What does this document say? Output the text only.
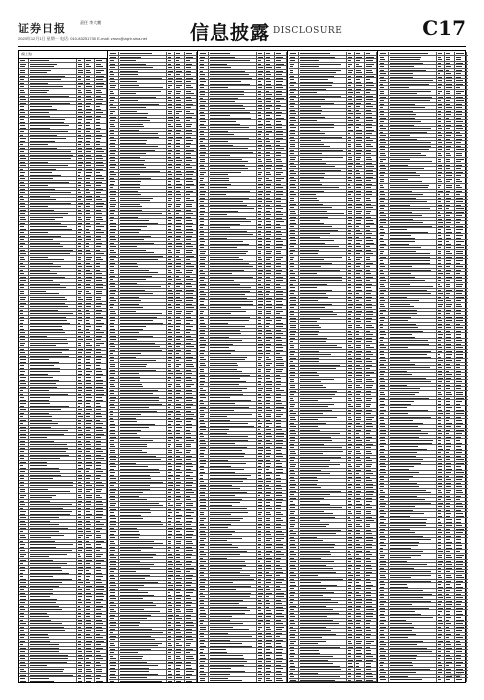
证券日报	责任 李大鹏
2023年12月1日 星期一 电话: 010-83251730 E-mail: zmzx@zqrb.sina.net 信息披露 DISCLOSURE	C17
(续上表)
(下转C18版)
